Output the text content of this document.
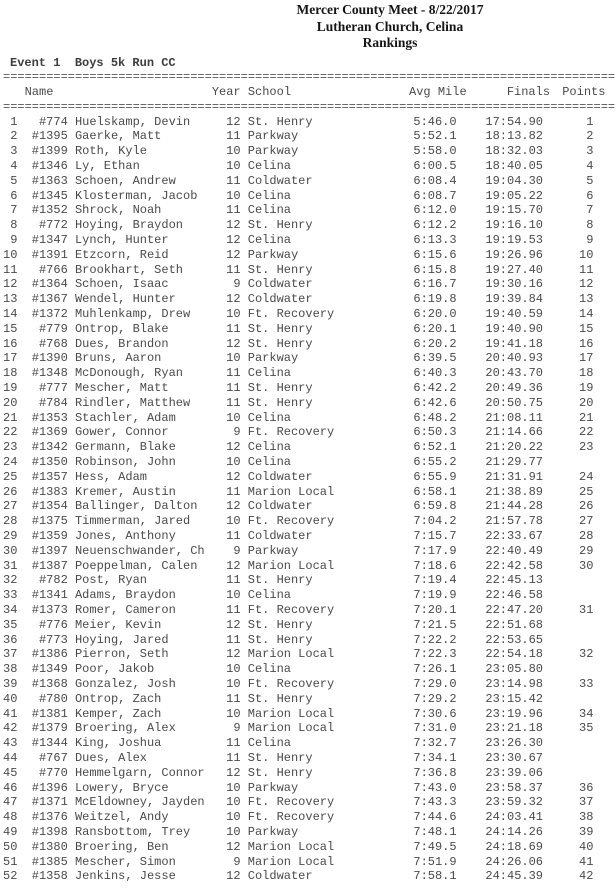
Mercer County Meet - 8/22/2017
Lutheran Church, Celina
Rankings
Event 1 Boys 5k Run CC
=====================================================================================
Name	Year School	Avg Mile	Finals	Points
=====================================================================================
1	#774 Huelskamp, Devin	12 St. Henry	5:46.0	17:54.90	1
2 #1395 Gaerke, Matt	11 Parkway	5:52.1	18:13.82	2
3 #1399 Roth, Kyle	10 Parkway	5:58.0	18:32.03	3
4 #1346 Ly, Ethan	10 Celina	6:00.5	18:40.05	4
5 #1363 Schoen, Andrew	11 Coldwater	6:08.4	19:04.30	5
6 #1345 Klosterman, Jacob	10 Celina	6:08.7	19:05.22	6
7 #1352 Shrock, Noah	11 Celina	6:12.0	19:15.70	7
8	#772 Hoying, Braydon	12 St. Henry	6:12.2	19:16.10	8
9 #1347 Lynch, Hunter	12 Celina	6:13.3	19:19.53	9
10 #1391 Etzcorn, Reid	12 Parkway	6:15.6	19:26.96	10
11	#766 Brookhart, Seth	11 St. Henry	6:15.8	19:27.40	11
12 #1364 Schoen, Isaac	9 Coldwater	6:16.7	19:30.16	12
13 #1367 Wendel, Hunter	12 Coldwater	6:19.8	19:39.84	13
14 #1372 Muhlenkamp, Drew	10 Ft. Recovery	6:20.0	19:40.59	14
15	#779 Ontrop, Blake	11 St. Henry	6:20.1	19:40.90	15
16	#768 Dues, Brandon	12 St. Henry	6:20.2	19:41.18	16
17 #1390 Bruns, Aaron	10 Parkway	6:39.5	20:40.93	17
18 #1348 McDonough, Ryan	11 Celina	6:40.3	20:43.70	18
19	#777 Mescher, Matt	11 St. Henry	6:42.2	20:49.36	19
20	#784 Rindler, Matthew	11 St. Henry	6:42.6	20:50.75	20
21 #1353 Stachler, Adam	10 Celina	6:48.2	21:08.11	21
22 #1369 Gower, Connor	9 Ft. Recovery	6:50.3	21:14.66	22
23 #1342 Germann, Blake	12 Celina	6:52.1	21:20.22	23
24 #1350 Robinson, John	10 Celina	6:55.2	21:29.77
25 #1357 Hess, Adam	12 Coldwater	6:55.9	21:31.91	24
26 #1383 Kremer, Austin	11 Marion Local	6:58.1	21:38.89	25
27 #1354 Ballinger, Dalton	12 Coldwater	6:59.8	21:44.28	26
28 #1375 Timmerman, Jared	10 Ft. Recovery	7:04.2	21:57.78	27
29 #1359 Jones, Anthony	11 Coldwater	7:15.7	22:33.67	28
30 #1397 Neuenschwander, Ch	9 Parkway	7:17.9	22:40.49	29
31 #1387 Poeppelman, Calen	12 Marion Local	7:18.6	22:42.58	30
32	#782 Post, Ryan	11 St. Henry	7:19.4	22:45.13
33 #1341 Adams, Braydon	10 Celina	7:19.9	22:46.58
34 #1373 Romer, Cameron	11 Ft. Recovery	7:20.1	22:47.20	31
35	#776 Meier, Kevin	12 St. Henry	7:21.5	22:51.68
36	#773 Hoying, Jared	11 St. Henry	7:22.2	22:53.65
37 #1386 Pierron, Seth	12 Marion Local	7:22.3	22:54.18	32
38 #1349 Poor, Jakob	10 Celina	7:26.1	23:05.80
39 #1368 Gonzalez, Josh	10 Ft. Recovery	7:29.0	23:14.98	33
40	#780 Ontrop, Zach	11 St. Henry	7:29.2	23:15.42
41 #1381 Kemper, Zach	10 Marion Local	7:30.6	23:19.96	34
42 #1379 Broering, Alex	9 Marion Local	7:31.0	23:21.18	35
43 #1344 King, Joshua	11 Celina	7:32.7	23:26.30
44	#767 Dues, Alex	11 St. Henry	7:34.1	23:30.67
45	#770 Hemmelgarn, Connor	12 St. Henry	7:36.8	23:39.06
46 #1396 Lowery, Bryce	10 Parkway	7:43.0	23:58.37	36
47 #1371 McEldowney, Jayden	10 Ft. Recovery	7:43.3	23:59.32	37
48 #1376 Weitzel, Andy	10 Ft. Recovery	7:44.6	24:03.41	38
49 #1398 Ransbottom, Trey	10 Parkway	7:48.1	24:14.26	39
50 #1380 Broering, Ben	12 Marion Local	7:49.5	24:18.69	40
51 #1385 Mescher, Simon	9 Marion Local	7:51.9	24:26.06	41
52 #1358 Jenkins, Jesse	12 Coldwater	7:58.1	24:45.39	42
